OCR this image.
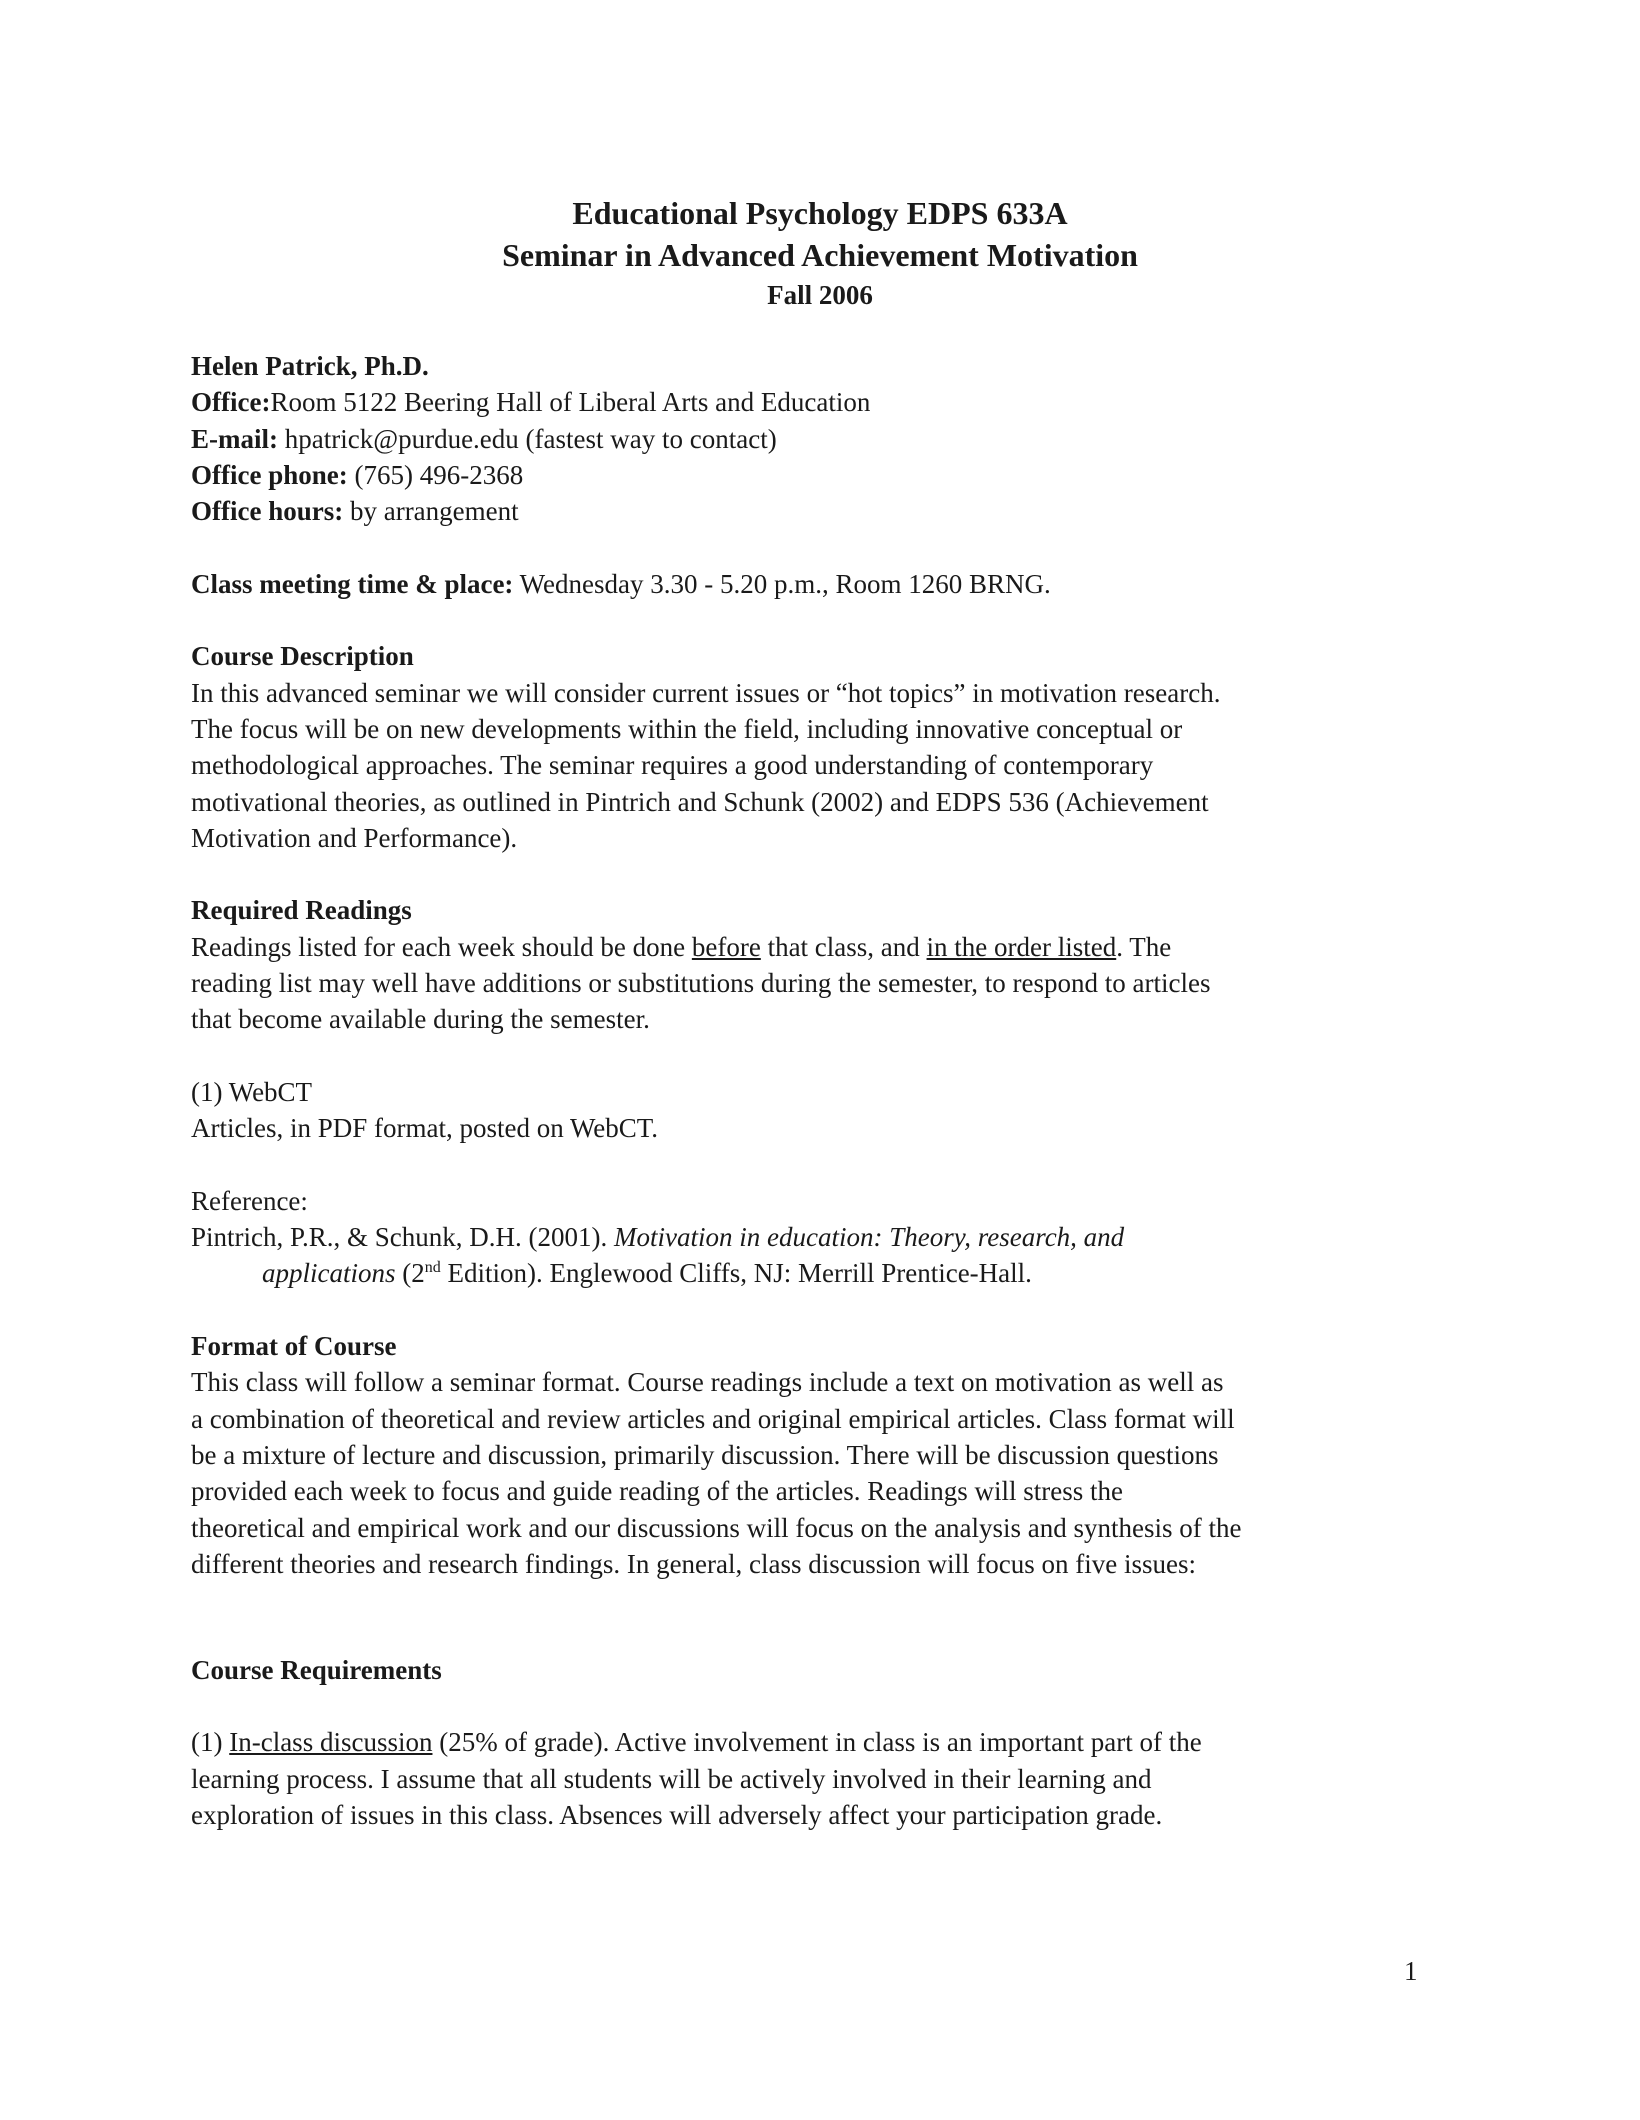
Educational Psychology EDPS 633A
Seminar in Advanced Achievement Motivation
Fall 2006
Helen Patrick, Ph.D.
Office:Room 5122 Beering Hall of Liberal Arts and Education
E-mail: hpatrick@purdue.edu (fastest way to contact)
Office phone: (765) 496-2368
Office hours: by arrangement
Class meeting time & place: Wednesday 3.30 - 5.20 p.m., Room 1260 BRNG.
Course Description
In this advanced seminar we will consider current issues or “hot topics” in motivation research.
The focus will be on new developments within the field, including innovative conceptual or
methodological approaches. The seminar requires a good understanding of contemporary
motivational theories, as outlined in Pintrich and Schunk (2002) and EDPS 536 (Achievement
Motivation and Performance).
Required Readings
Readings listed for each week should be done before that class, and in the order listed. The
reading list may well have additions or substitutions during the semester, to respond to articles
that become available during the semester.
(1) WebCT
Articles, in PDF format, posted on WebCT.
Reference:
Pintrich, P.R., & Schunk, D.H. (2001). Motivation in education: Theory, research, and
applications (2nd Edition). Englewood Cliffs, NJ: Merrill Prentice-Hall.
Format of Course
This class will follow a seminar format. Course readings include a text on motivation as well as
a combination of theoretical and review articles and original empirical articles. Class format will
be a mixture of lecture and discussion, primarily discussion. There will be discussion questions
provided each week to focus and guide reading of the articles. Readings will stress the
theoretical and empirical work and our discussions will focus on the analysis and synthesis of the
different theories and research findings. In general, class discussion will focus on five issues:
Course Requirements
(1) In-class discussion (25% of grade). Active involvement in class is an important part of the
learning process. I assume that all students will be actively involved in their learning and
exploration of issues in this class. Absences will adversely affect your participation grade.
1
